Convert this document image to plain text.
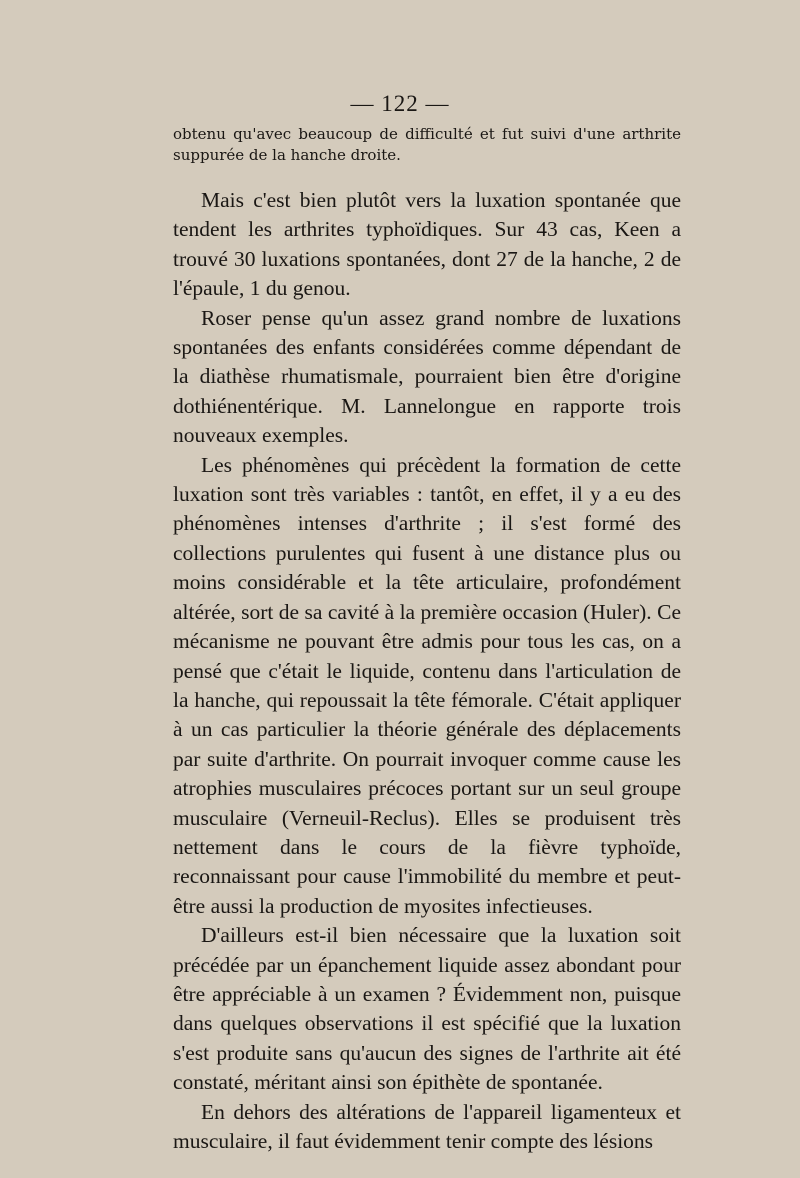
— 122 —

obtenu qu'avec beaucoup de difficulté et fut suivi d'une arthrite suppurée de la hanche droite.

Mais c'est bien plutôt vers la luxation spontanée que tendent les arthrites typhoïdiques. Sur 43 cas, Keen a trouvé 30 luxations spontanées, dont 27 de la hanche, 2 de l'épaule, 1 du genou.

Roser pense qu'un assez grand nombre de luxations spontanées des enfants considérées comme dépendant de la diathèse rhumatismale, pourraient bien être d'origine dothiénentérique. M. Lannelongue en rapporte trois nouveaux exemples.

Les phénomènes qui précèdent la formation de cette luxation sont très variables : tantôt, en effet, il y a eu des phénomènes intenses d'arthrite ; il s'est formé des collections purulentes qui fusent à une distance plus ou moins considérable et la tête articulaire, profondément altérée, sort de sa cavité à la première occasion (Huler). Ce mécanisme ne pouvant être admis pour tous les cas, on a pensé que c'était le liquide, contenu dans l'articulation de la hanche, qui repoussait la tête fémorale. C'était appliquer à un cas particulier la théorie générale des déplacements par suite d'arthrite. On pourrait invoquer comme cause les atrophies musculaires précoces portant sur un seul groupe musculaire (Verneuil-Reclus). Elles se produisent très nettement dans le cours de la fièvre typhoïde, reconnaissant pour cause l'immobilité du membre et peut-être aussi la production de myosites infectieuses.

D'ailleurs est-il bien nécessaire que la luxation soit précédée par un épanchement liquide assez abondant pour être appréciable à un examen ? Évidemment non, puisque dans quelques observations il est spécifié que la luxation s'est produite sans qu'aucun des signes de l'arthrite ait été constaté, méritant ainsi son épithète de spontanée.

En dehors des altérations de l'appareil ligamenteux et musculaire, il faut évidemment tenir compte des lésions
